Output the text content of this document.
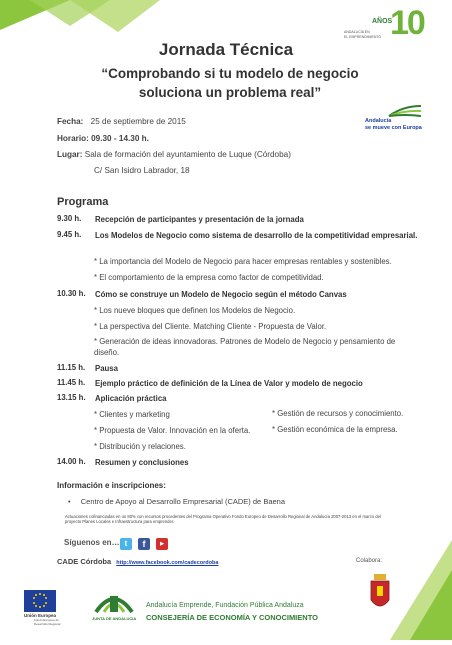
AÑOS
ANDALUCÍA EN
EL EMPRENDIMIENTO 10
Jornada Técnica
“Comprobando si tu modelo de negocio soluciona un problema real”
Andalucía
se mueve con Europa
Fecha: 25 de septiembre de 2015
Horario: 09.30 - 14.30 h.
Lugar: Sala de formación del ayuntamiento de Luque (Córdoba)
C/ San Isidro Labrador, 18
Programa
9.30 h. Recepción de participantes y presentación de la jornada
9.45 h. Los Modelos de Negocio como sistema de desarrollo de la competitividad empresarial.
* La importancia del Modelo de Negocio para hacer empresas rentables y sostenibles.
* El comportamiento de la empresa como factor de competitividad.
10.30 h. Cómo se construye un Modelo de Negocio según el método Canvas
* Los nueve bloques que definen los Modelos de Negocio.
* La perspectiva del Cliente. Matching Cliente - Propuesta de Valor.
* Generación de ideas innovadoras. Patrones de Modelo de Negocio y pensamiento de diseño.
11.15 h. Pausa
11.45 h. Ejemplo práctico de definición de la Línea de Valor y modelo de negocio
13.15 h. Aplicación práctica
* Clientes y marketing	* Gestión de recursos y conocimiento.
* Propuesta de Valor. Innovación en la oferta.	* Gestión económica de la empresa.
* Distribución y relaciones.
14.00 h. Resumen y conclusiones
Información e inscripciones:
• Centro de Apoyo al Desarrollo Empresarial (CADE) de Baena
Actuaciones cofinanciadas en un 80% con recursos procedentes del Programa Operativo Fondo Europeo de Desarrollo Regional de Andalucía 2007-2013 en el marco del proyecto Planes Locales e Infraestructura para emprender.
Síguenos en… t	f	▶
CADE Córdoba http://www.facebook.com/cadecordoba	Colabora:
Unión Europea
Fondo Europeo de Desarrollo Regional
JUNTA DE ANDALUCIA
Andalucía Emprende, Fundación Pública Andaluza
CONSEJERÍA DE ECONOMÍA Y CONOCIMIENTO
